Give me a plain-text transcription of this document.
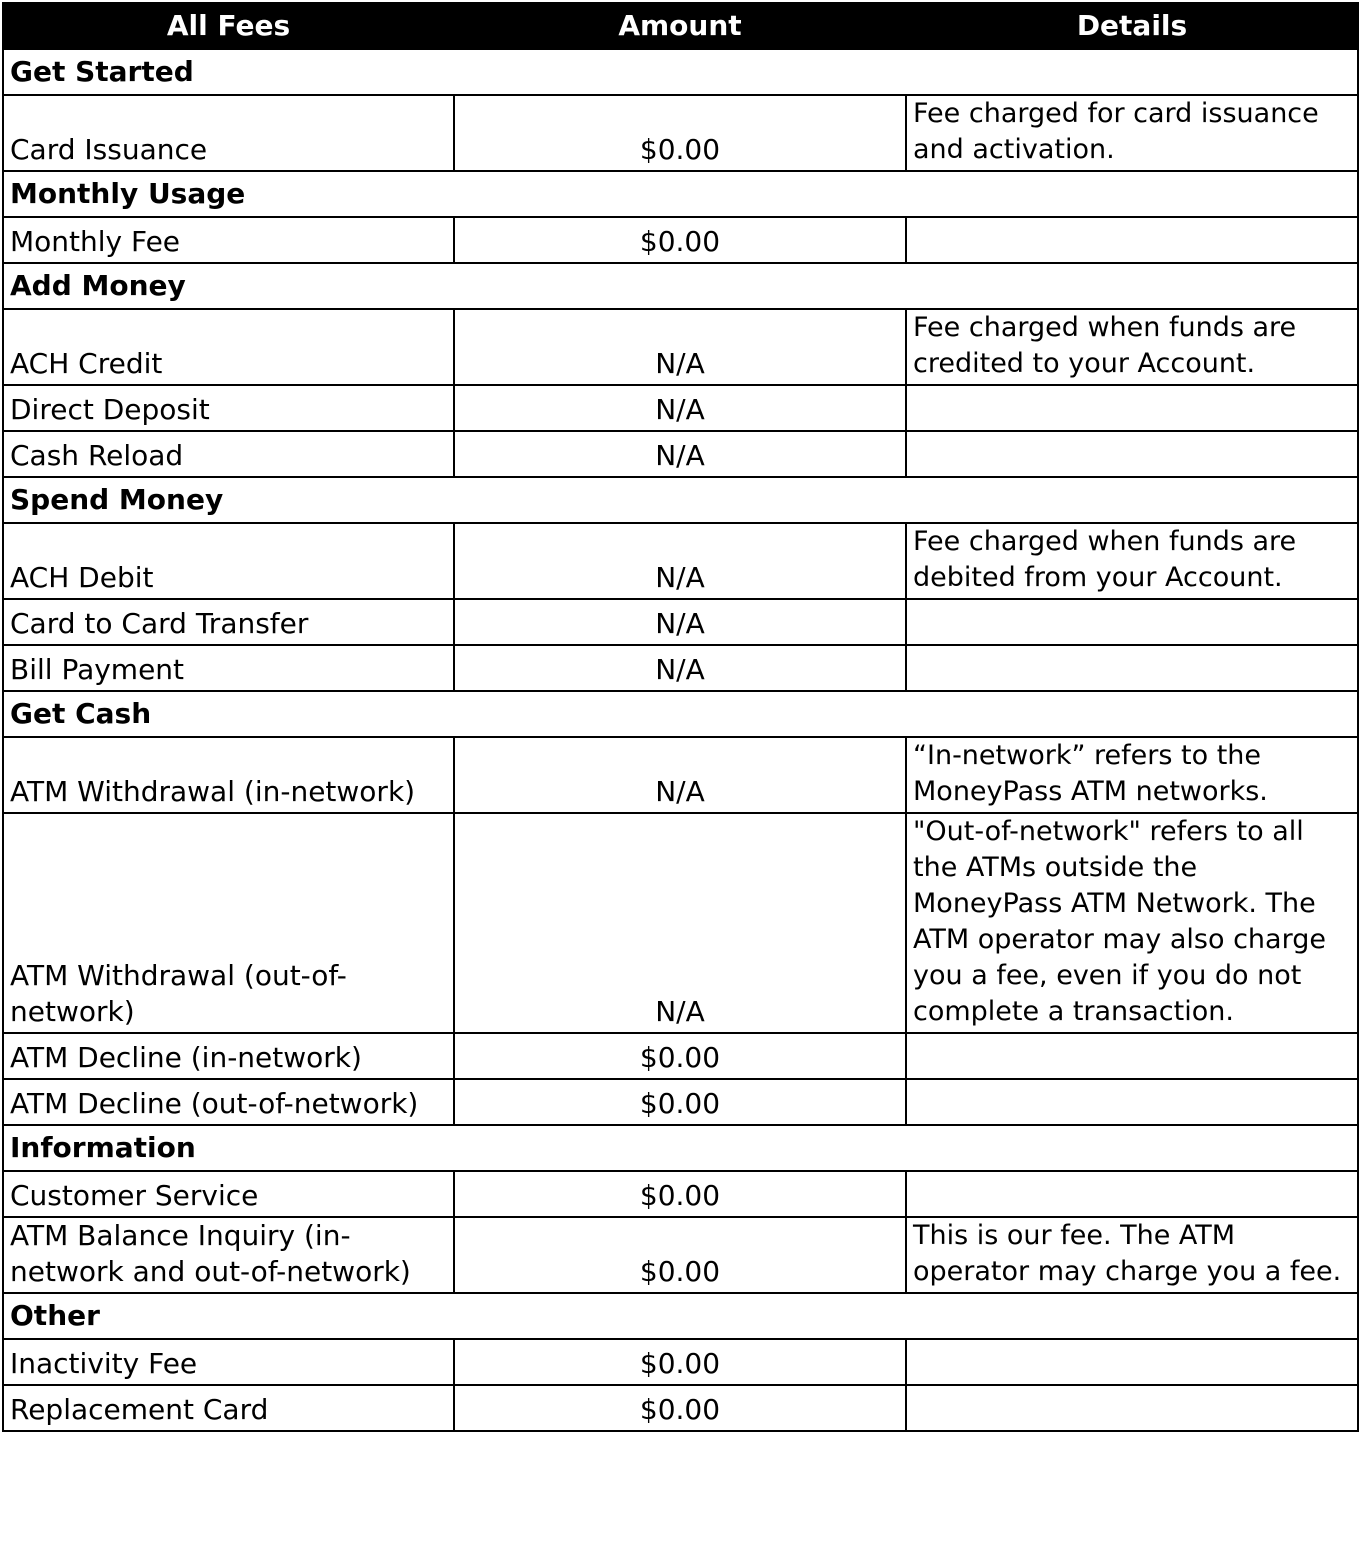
All Fees	Amount	Details
Get Started		
Card Issuance	$0.00	Fee charged for card issuance and activation.
Monthly Usage		
Monthly Fee	$0.00	
Add Money		
ACH Credit	N/A	Fee charged when funds are credited to your Account.
Direct Deposit	N/A	
Cash Reload	N/A	
Spend Money		
ACH Debit	N/A	Fee charged when funds are debited from your Account.
Card to Card Transfer	N/A	
Bill Payment	N/A	
Get Cash		
ATM Withdrawal (in-network)	N/A	“In-network” refers to the MoneyPass ATM networks.
ATM Withdrawal (out-of-network)	N/A	"Out-of-network" refers to all the ATMs outside the MoneyPass ATM Network. The ATM operator may also charge you a fee, even if you do not complete a transaction.
ATM Decline (in-network)	$0.00	
ATM Decline (out-of-network)	$0.00	
Information		
Customer Service	$0.00	
ATM Balance Inquiry (in-network and out-of-network)	$0.00	This is our fee. The ATM operator may charge you a fee.
Other		
Inactivity Fee	$0.00	
Replacement Card	$0.00	
